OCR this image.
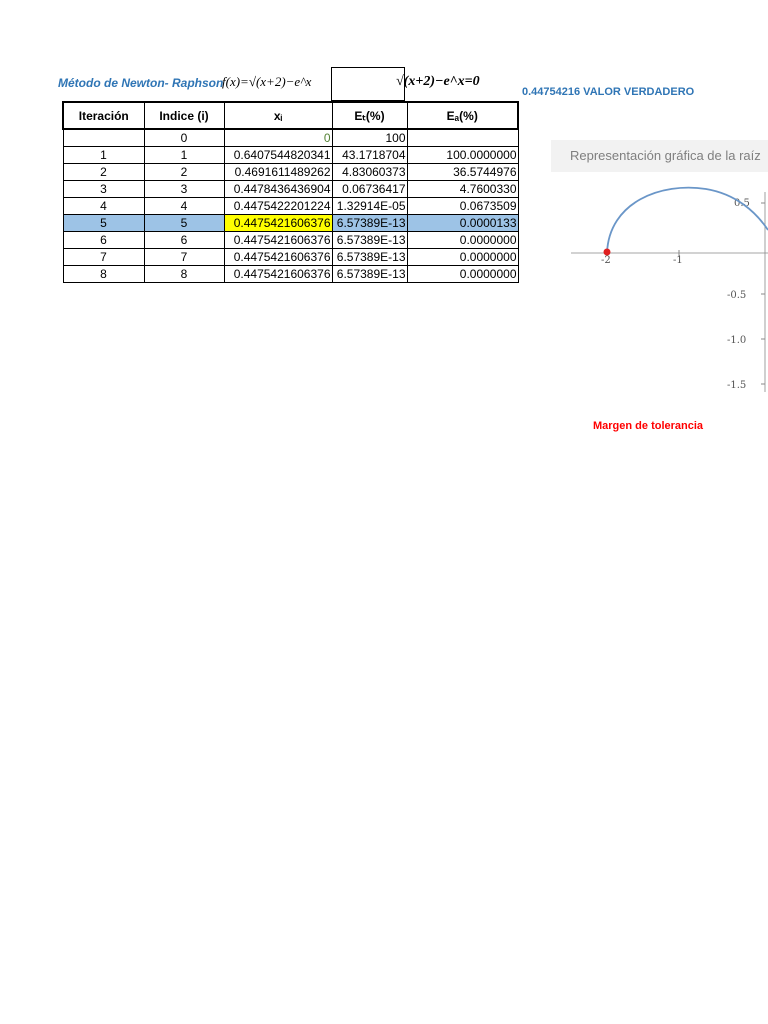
Método de Newton- Raphson
f(x)=√(x+2)−e^x	√(x+2)−e^x=0
0.44754216 VALOR VERDADERO
Iteración	Indice (i)	xᵢ	Eₜ(%)	Eₐ(%)
	0	0	100	
1	1	0.6407544820341	43.1718704	100.0000000
2	2	0.4691611489262	4.83060373	36.5744976
3	3	0.4478436436904	0.06736417	4.7600330
4	4	0.4475422201224	1.32914E-05	0.0673509
5	5	0.4475421606376	6.57389E-13	0.0000133
6	6	0.4475421606376	6.57389E-13	0.0000000
7	7	0.4475421606376	6.57389E-13	0.0000000
8	8	0.4475421606376	6.57389E-13	0.0000000
Representación gráfica de la raíz
-2	-1
0.5
-0.5
-1.0
-1.5
Margen de tolerancia
